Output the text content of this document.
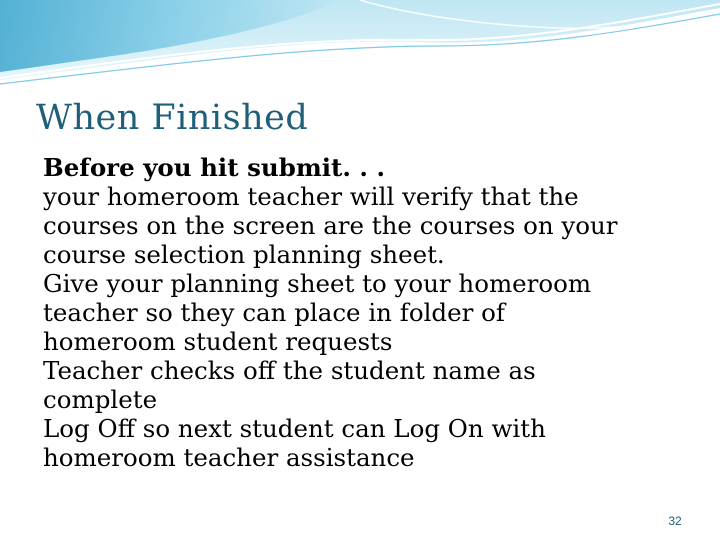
When Finished
Before you hit submit. . .
your homeroom teacher will verify that the
courses on the screen are the courses on your
course selection planning sheet.
Give your planning sheet to your homeroom
teacher so they can place in folder of
homeroom student requests
Teacher checks off the student name as
complete
Log Off so next student can Log On with
homeroom teacher assistance
32
